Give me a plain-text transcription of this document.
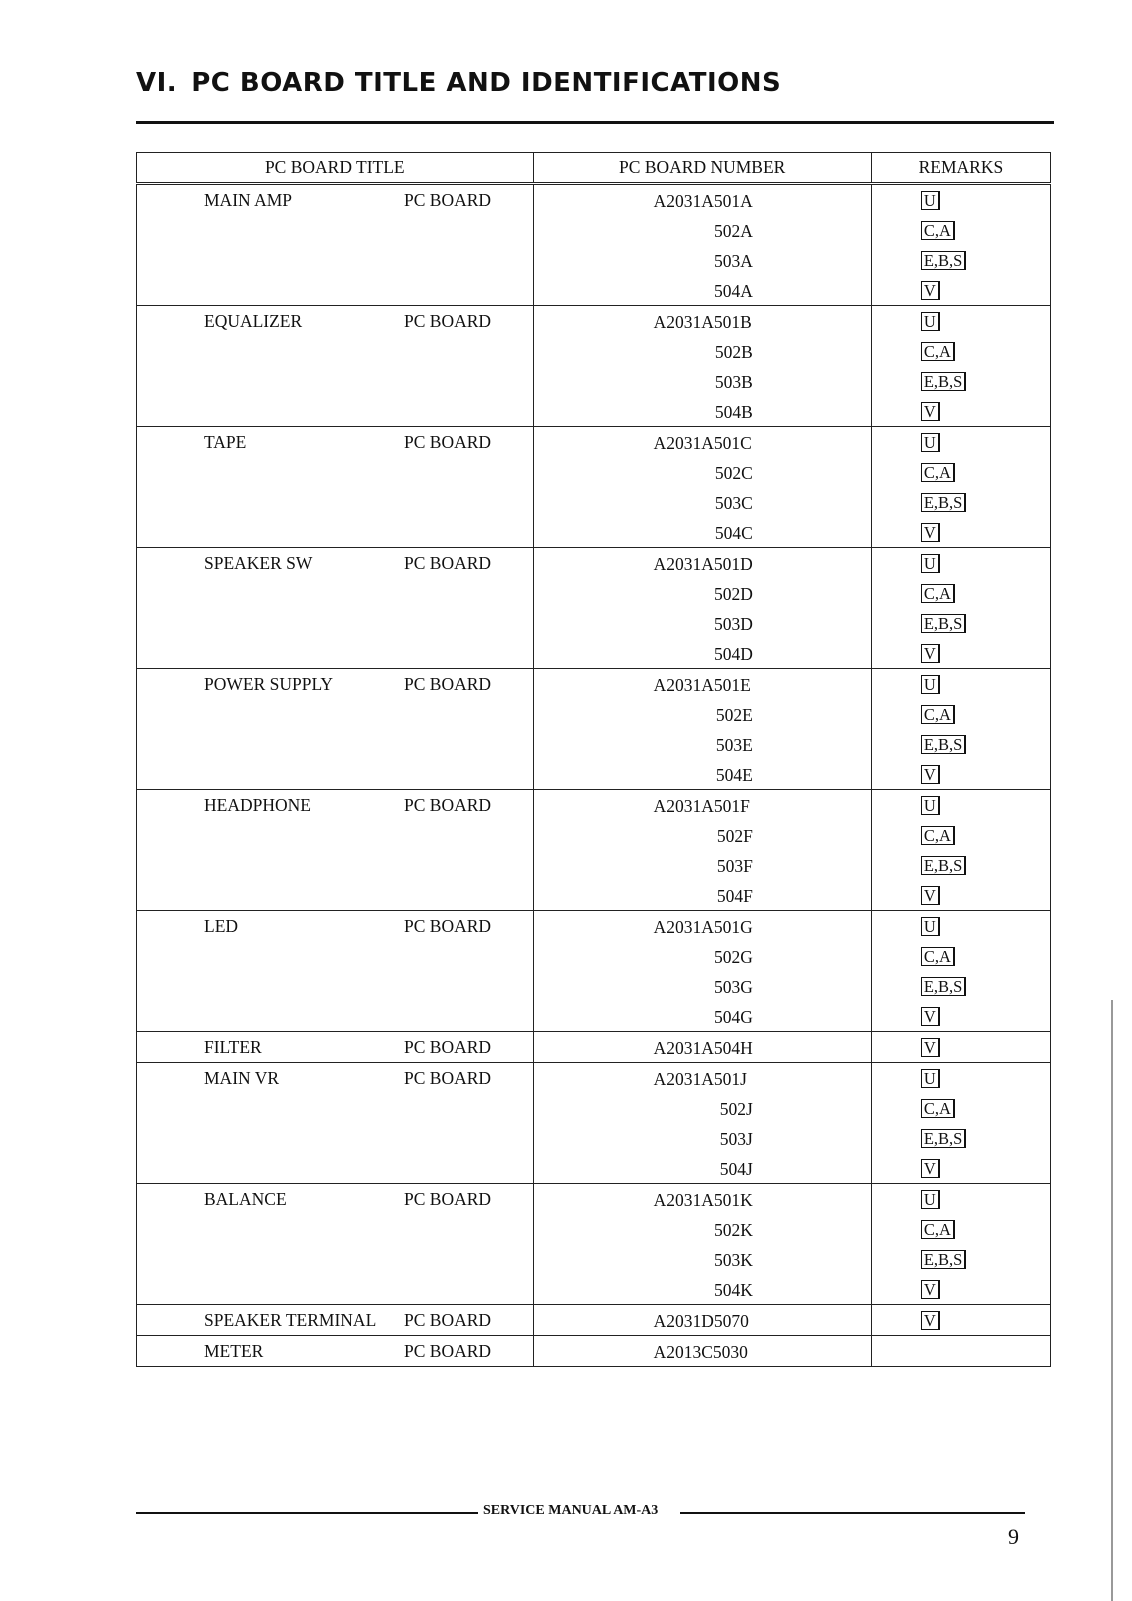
VI. PC BOARD TITLE AND IDENTIFICATIONS
PC BOARD TITLE	PC BOARD NUMBER	REMARKS
MAIN AMP PC BOARD	A2031A501A	U

	502A	C,A

	503A	E,B,S

	504A	V
EQUALIZER PC BOARD	A2031A501B	U

	502B	C,A

	503B	E,B,S

	504B	V
TAPE PC BOARD	A2031A501C	U

	502C	C,A

	503C	E,B,S

	504C	V
SPEAKER SW PC BOARD	A2031A501D	U

	502D	C,A

	503D	E,B,S

	504D	V
POWER SUPPLY PC BOARD	A2031A501E	U

	502E	C,A

	503E	E,B,S

	504E	V
HEADPHONE PC BOARD	A2031A501F	U

	502F	C,A

	503F	E,B,S

	504F	V
LED PC BOARD	A2031A501G	U

	502G	C,A

	503G	E,B,S

	504G	V
FILTER PC BOARD	A2031A504H	V
MAIN VR PC BOARD	A2031A501J	U

	502J	C,A

	503J	E,B,S

	504J	V
BALANCE PC BOARD	A2031A501K	U

	502K	C,A

	503K	E,B,S

	504K	V
SPEAKER TERMINAL PC BOARD	A2031D5070	V
METER PC BOARD	A2013C5030	

SERVICE MANUAL AM-A3
9
